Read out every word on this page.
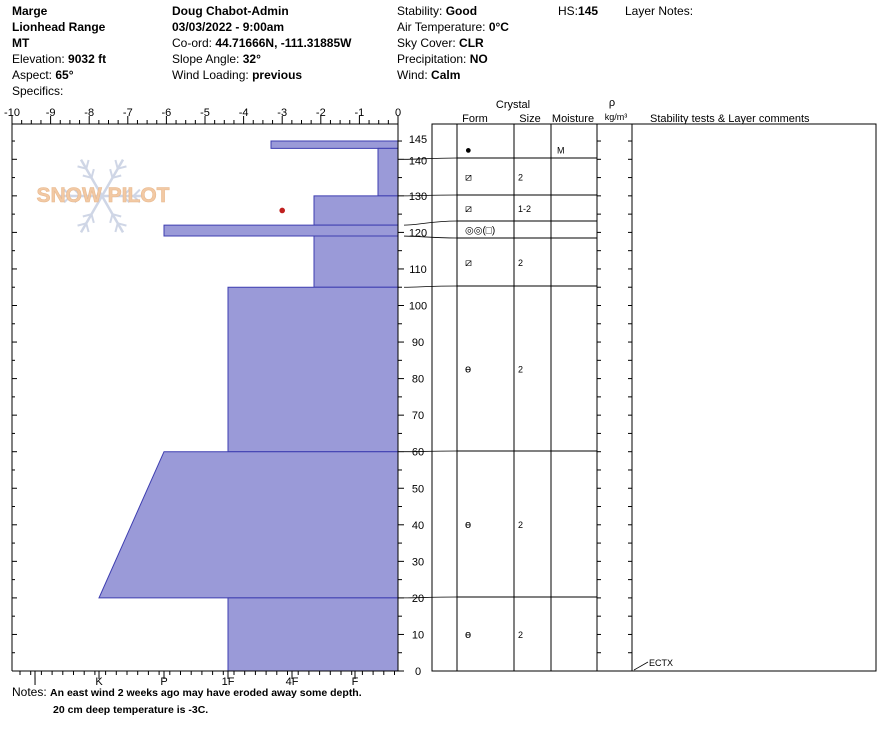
Marge
Lionhead Range
MT
Elevation: 9032 ft
Aspect: 65°
Specifics:
Doug Chabot-Admin
03/03/2022 - 9:00am
Co-ord: 44.71666N, -111.31885W
Slope Angle: 32°
Wind Loading: previous
Stability: Good
Air Temperature: 0°C
Sky Cover: CLR
Precipitation: NO
Wind: Calm
HS:145 Layer Notes:
SNOW PILOT
-10 -9	-8	-7	-6	-5	-4	-3	-2	-1	0
I	K	P	1F	4F	F
0
10
20
30
40
50
60
70
80
90
100
110
120
130
140
145
Crystal
Form	Size Moisture
ρ
kg/m³ Stability tests & Layer comments
●	M
⧄	2
⧄	1-2
◎◎(□)
⧄	2
ɵ	2
ɵ	2
ɵ	2
ECTX
Notes: An east wind 2 weeks ago may have eroded away some depth.
20 cm deep temperature is -3C.
